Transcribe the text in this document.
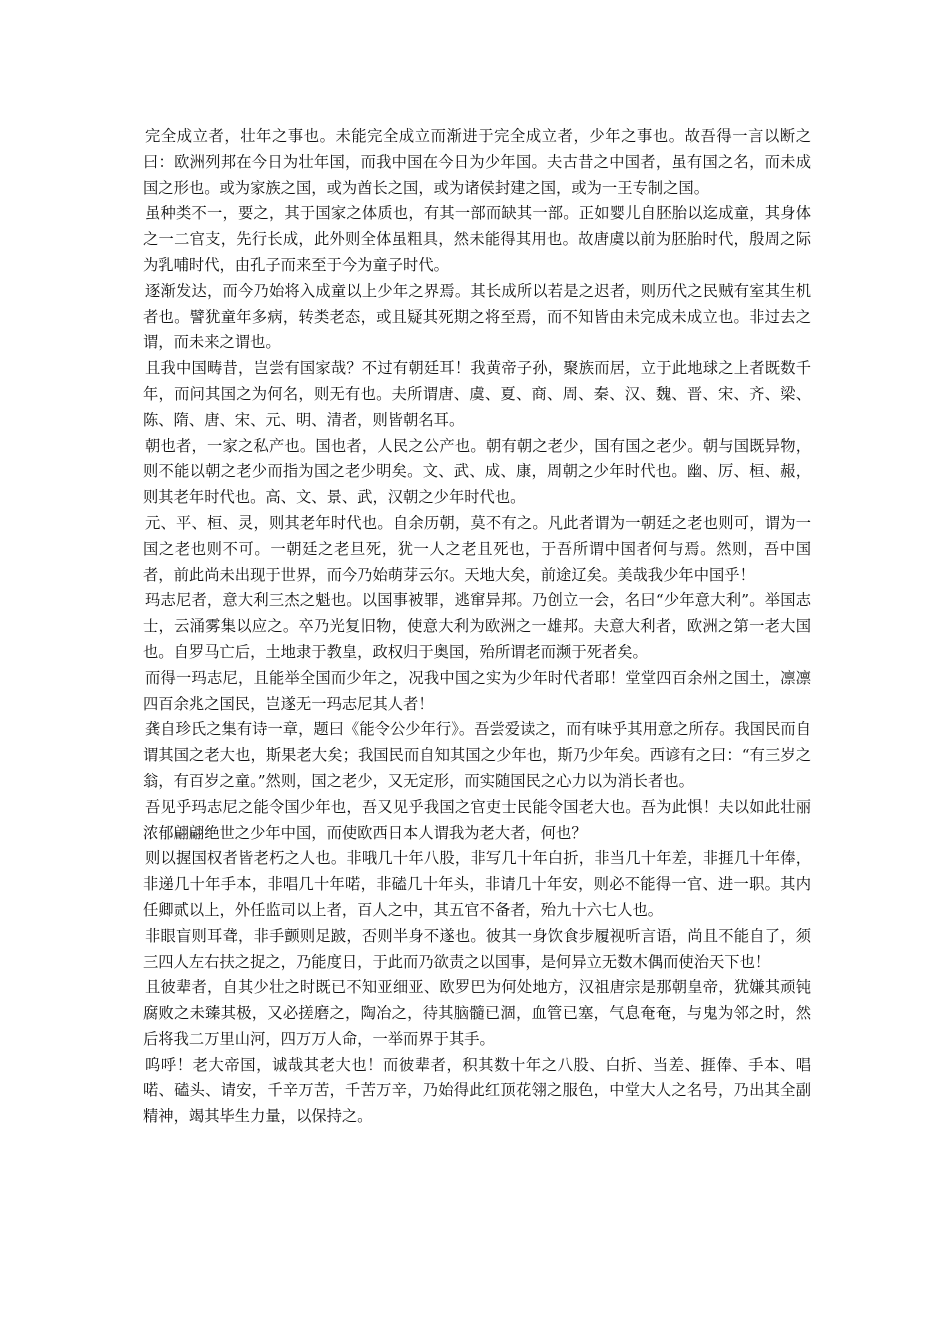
完全成立者，壮年之事也。未能完全成立而渐进于完全成立者，少年之事也。故吾得一言以断之曰：欧洲列邦在今日为壮年国，而我中国在今日为少年国。夫古昔之中国者，虽有国之名，而未成国之形也。或为家族之国，或为酋长之国，或为诸侯封建之国，或为一王专制之国。

虽种类不一，要之，其于国家之体质也，有其一部而缺其一部。正如婴儿自胚胎以迄成童，其身体之一二官支，先行长成，此外则全体虽粗具，然未能得其用也。故唐虞以前为胚胎时代，殷周之际为乳哺时代，由孔子而来至于今为童子时代。

逐渐发达，而今乃始将入成童以上少年之界焉。其长成所以若是之迟者，则历代之民贼有室其生机者也。譬犹童年多病，转类老态，或且疑其死期之将至焉，而不知皆由未完成未成立也。非过去之谓，而未来之谓也。

且我中国畴昔，岂尝有国家哉？不过有朝廷耳！我黄帝子孙，聚族而居，立于此地球之上者既数千年，而问其国之为何名，则无有也。夫所谓唐、虞、夏、商、周、秦、汉、魏、晋、宋、齐、梁、陈、隋、唐、宋、元、明、清者，则皆朝名耳。

朝也者，一家之私产也。国也者，人民之公产也。朝有朝之老少，国有国之老少。朝与国既异物，则不能以朝之老少而指为国之老少明矣。文、武、成、康，周朝之少年时代也。幽、厉、桓、赧，则其老年时代也。高、文、景、武，汉朝之少年时代也。

元、平、桓、灵，则其老年时代也。自余历朝，莫不有之。凡此者谓为一朝廷之老也则可，谓为一国之老也则不可。一朝廷之老旦死，犹一人之老且死也，于吾所谓中国者何与焉。然则，吾中国者，前此尚未出现于世界，而今乃始萌芽云尔。天地大矣，前途辽矣。美哉我少年中国乎！

玛志尼者，意大利三杰之魁也。以国事被罪，逃窜异邦。乃创立一会，名曰“少年意大利”。举国志士，云涌雾集以应之。卒乃光复旧物，使意大利为欧洲之一雄邦。夫意大利者，欧洲之第一老大国也。自罗马亡后，土地隶于教皇，政权归于奥国，殆所谓老而濒于死者矣。

而得一玛志尼，且能举全国而少年之，况我中国之实为少年时代者耶！堂堂四百余州之国土，凛凛四百余兆之国民，岂遂无一玛志尼其人者！

龚自珍氏之集有诗一章，题曰《能令公少年行》。吾尝爱读之，而有味乎其用意之所存。我国民而自谓其国之老大也，斯果老大矣；我国民而自知其国之少年也，斯乃少年矣。西谚有之曰：“有三岁之翁，有百岁之童。”然则，国之老少，又无定形，而实随国民之心力以为消长者也。

吾见乎玛志尼之能令国少年也，吾又见乎我国之官吏士民能令国老大也。吾为此惧！夫以如此壮丽浓郁翩翩绝世之少年中国，而使欧西日本人谓我为老大者，何也？

则以握国权者皆老朽之人也。非哦几十年八股，非写几十年白折，非当几十年差，非捱几十年俸，非递几十年手本，非唱几十年喏，非磕几十年头，非请几十年安，则必不能得一官、进一职。其内任卿贰以上，外任监司以上者，百人之中，其五官不备者，殆九十六七人也。

非眼盲则耳聋，非手颤则足跛，否则半身不遂也。彼其一身饮食步履视听言语，尚且不能自了，须三四人左右扶之捉之，乃能度日，于此而乃欲责之以国事，是何异立无数木偶而使治天下也！

且彼辈者，自其少壮之时既已不知亚细亚、欧罗巴为何处地方，汉祖唐宗是那朝皇帝，犹嫌其顽钝腐败之未臻其极，又必搓磨之，陶冶之，待其脑髓已涸，血管已塞，气息奄奄，与鬼为邻之时，然后将我二万里山河，四万万人命，一举而界于其手。

呜呼！老大帝国，诚哉其老大也！而彼辈者，积其数十年之八股、白折、当差、捱俸、手本、唱喏、磕头、请安，千辛万苦，千苦万辛，乃始得此红顶花翎之服色，中堂大人之名号，乃出其全副精神，竭其毕生力量，以保持之。
